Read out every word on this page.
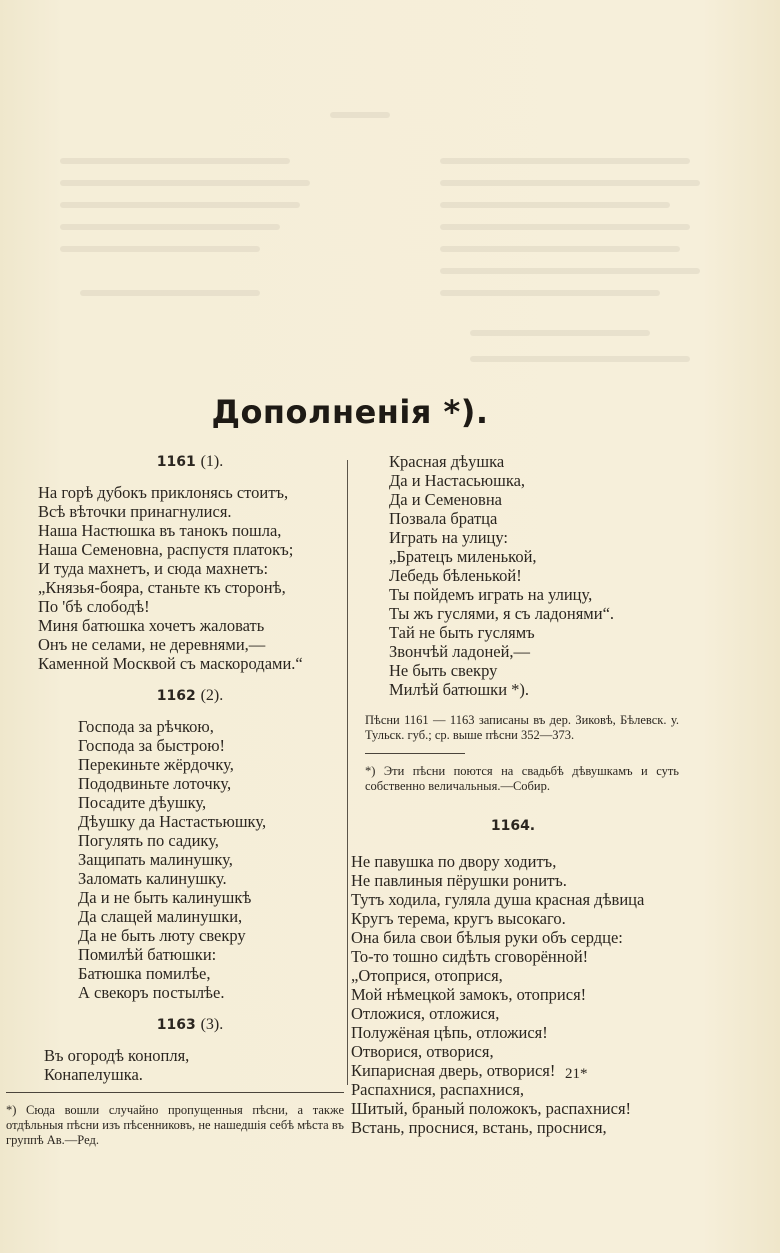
Дополненія *).
1161 (1).
На горѣ дубокъ приклонясь стоитъ,
Всѣ вѣточки принагнулися.
Наша Настюшка въ танокъ пошла,
Наша Семеновна, распустя платокъ;
И туда махнетъ, и сюда махнетъ:
„Князья-бояра, станьте къ сторонѣ,
По 'бѣ слободѣ!
Миня батюшка хочетъ жаловать
Онъ не селами, не деревнями,—
Каменной Москвой съ маскородами.“
1162 (2).
Господа за рѣчкою,
Господа за быстрою!
Перекиньте жёрдочку,
Пододвиньте лоточку,
Посадите дѣушку,
Дѣушку да Настастьюшку,
Погулять по садику,
Защипать малинушку,
Заломать калинушку.
Да и не быть калинушкѣ
Да слащей малинушки,
Да не быть люту свекру
Помилѣй батюшки:
Батюшка помилѣе,
А свекоръ постылѣе.
1163 (3).
Въ огородѣ конопля,
Конапелушка.
*) Сюда вошли случайно пропущенныя пѣсни, а также отдѣльныя пѣсни изъ пѣсенниковъ, не нашедшія себѣ мѣста въ группѣ Ав.—Ред.
Красная дѣушка
Да и Настасьюшка,
Да и Семеновна
Позвала братца
Играть на улицу:
„Братецъ миленькой,
Лебедь бѣленькой!
Ты пойдемъ играть на улицу,
Ты жъ гуслями, я съ ладонями“.
Тай не быть гуслямъ
Звончѣй ладоней,—
Не быть свекру
Милѣй батюшки *).
Пѣсни 1161 — 1163 записаны въ дер. Зиковѣ, Бѣлевск. у. Тульск. губ.; ср. выше пѣсни 352—373.
*) Эти пѣсни поются на свадьбѣ дѣвушкамъ и суть собственно величальныя.—Собир.
1164.
Не павушка по двору ходитъ,
Не павлиныя пёрушки ронитъ.
Тутъ ходила, гуляла душа красная дѣвица
Кругъ терема, кругъ высокаго.
Она била свои бѣлыя руки объ сердце:
То-то тошно сидѣть сговорённой!
„Отоприся, отоприся,
Мой нѣмецкой замокъ, отоприся!
Отложися, отложися,
Полужёная цѣпь, отложися!
Отворися, отворися,
Кипарисная дверь, отворися!
Распахнися, распахнися,
Шитый, браный положокъ, распахнися!
Встань, проснися, встань, проснися,
21*
